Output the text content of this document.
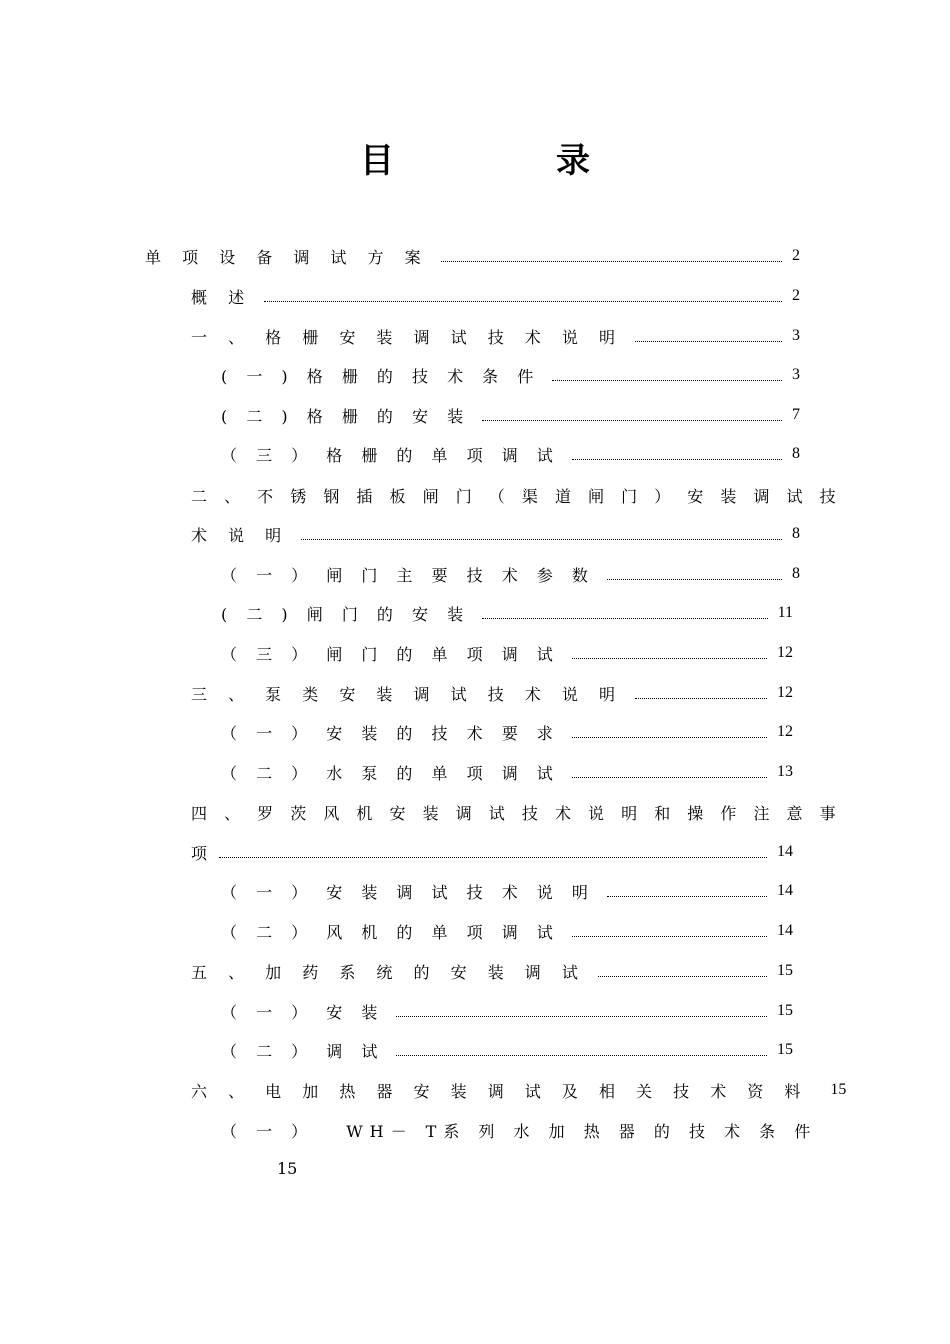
目　录
单 项 设 备 调 试 方 案	2
概 述	2
一 、 格 栅 安 装 调 试 技 术 说 明	3
( 一 ) 格 栅 的 技 术 条 件	3
( 二 ) 格 栅 的 安 装	7
（ 三 ） 格 栅 的 单 项 调 试	8
二 、 不 锈 钢 插 板 闸 门 （ 渠 道 闸 门 ） 安 装 调 试 技
术 说 明	8
（ 一 ） 闸 门 主 要 技 术 参 数	8
( 二 ) 闸 门 的 安 装	11
（ 三 ） 闸 门 的 单 项 调 试	12
三 、 泵 类 安 装 调 试 技 术 说 明	12
（ 一 ） 安 装 的 技 术 要 求	12
（ 二 ） 水 泵 的 单 项 调 试	13
四 、 罗 茨 风 机 安 装 调 试 技 术 说 明 和 操 作 注 意 事
项	14
（ 一 ） 安 装 调 试 技 术 说 明	14
（ 二 ） 风 机 的 单 项 调 试	14
五 、 加 药 系 统 的 安 装 调 试	15
（ 一 ） 安 装	15
（ 二 ） 调 试	15
六 、 电 加 热 器 安 装 调 试 及 相 关 技 术 资 料 15
（ 一 ） WH－ T系 列 水 加 热 器 的 技 术 条 件
15
